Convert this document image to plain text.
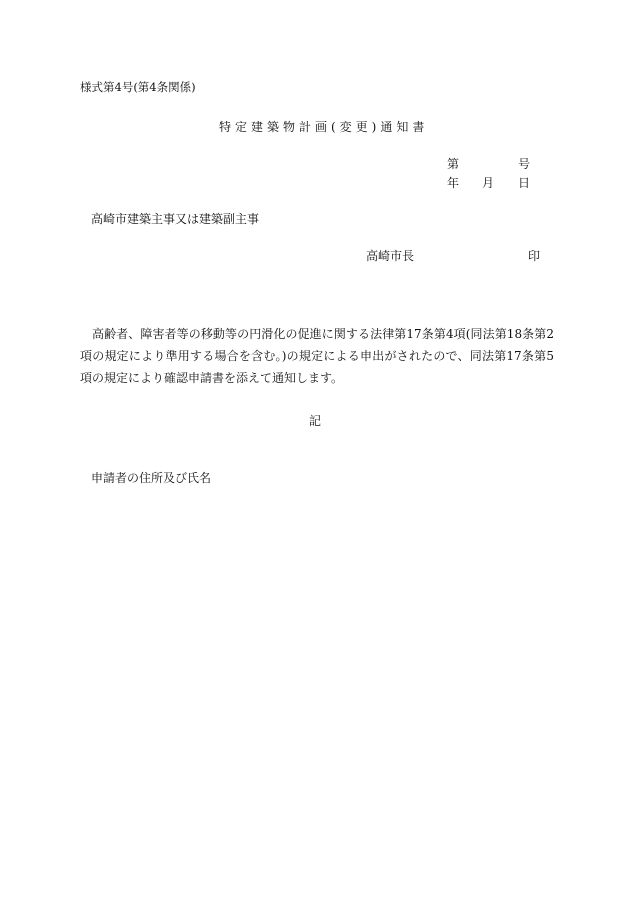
様式第4号(第4条関係)
特定建築物計画(変更)通知書
第	号
年 月 日
高崎市建築主事又は建築副主事
高崎市長	印
高齢者、障害者等の移動等の円滑化の促進に関する法律第17条第4項(同法第18条第2項の規定により準用する場合を含む。)の規定による申出がされたので、同法第17条第5項の規定により確認申請書を添えて通知します。
記
申請者の住所及び氏名
